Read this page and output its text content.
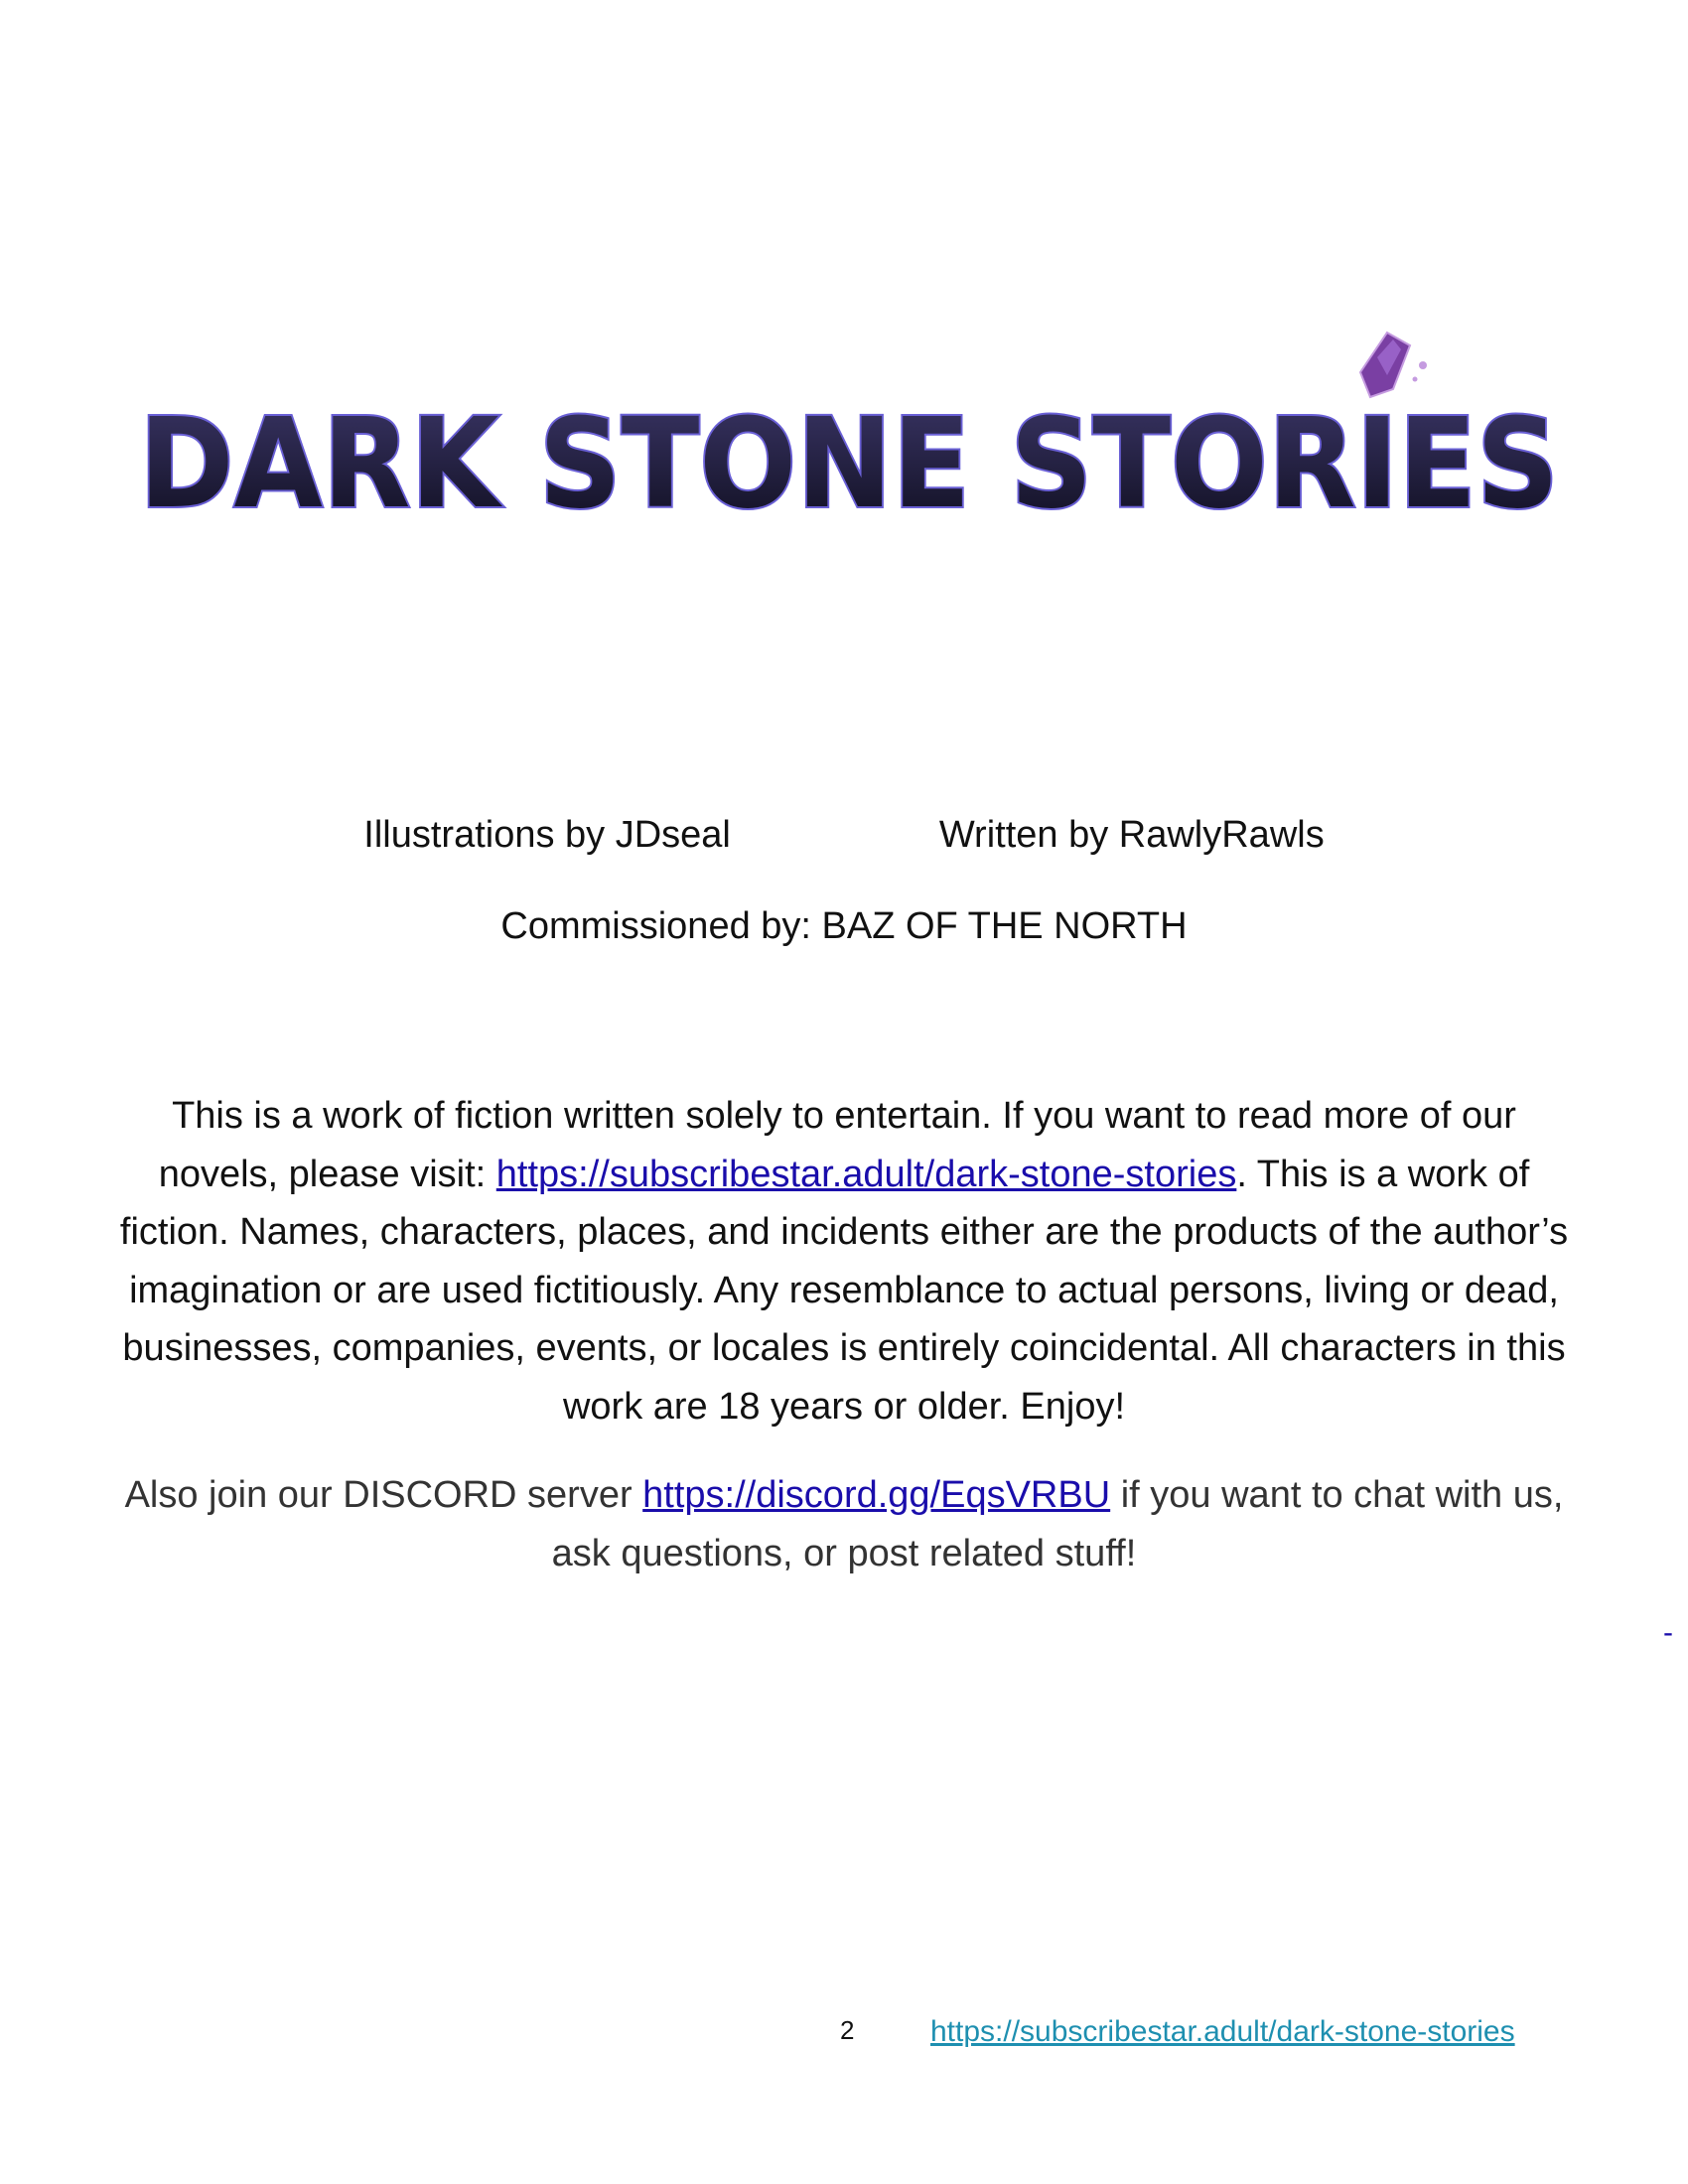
DARK STONE STORIES
Illustrations by JDseal	Written by RawlyRawls
Commissioned by: BAZ OF THE NORTH
This is a work of fiction written solely to entertain. If you want to read more of our novels, please visit: https://subscribestar.adult/dark-stone-stories. This is a work of fiction. Names, characters, places, and incidents either are the products of the author’s imagination or are used fictitiously. Any resemblance to actual persons, living or dead, businesses, companies, events, or locales is entirely coincidental. All characters in this work are 18 years or older. Enjoy!
Also join our DISCORD server https://discord.gg/EqsVRBU if you want to chat with us, ask questions, or post related stuff!
-
2	https://subscribestar.adult/dark-stone-stories
